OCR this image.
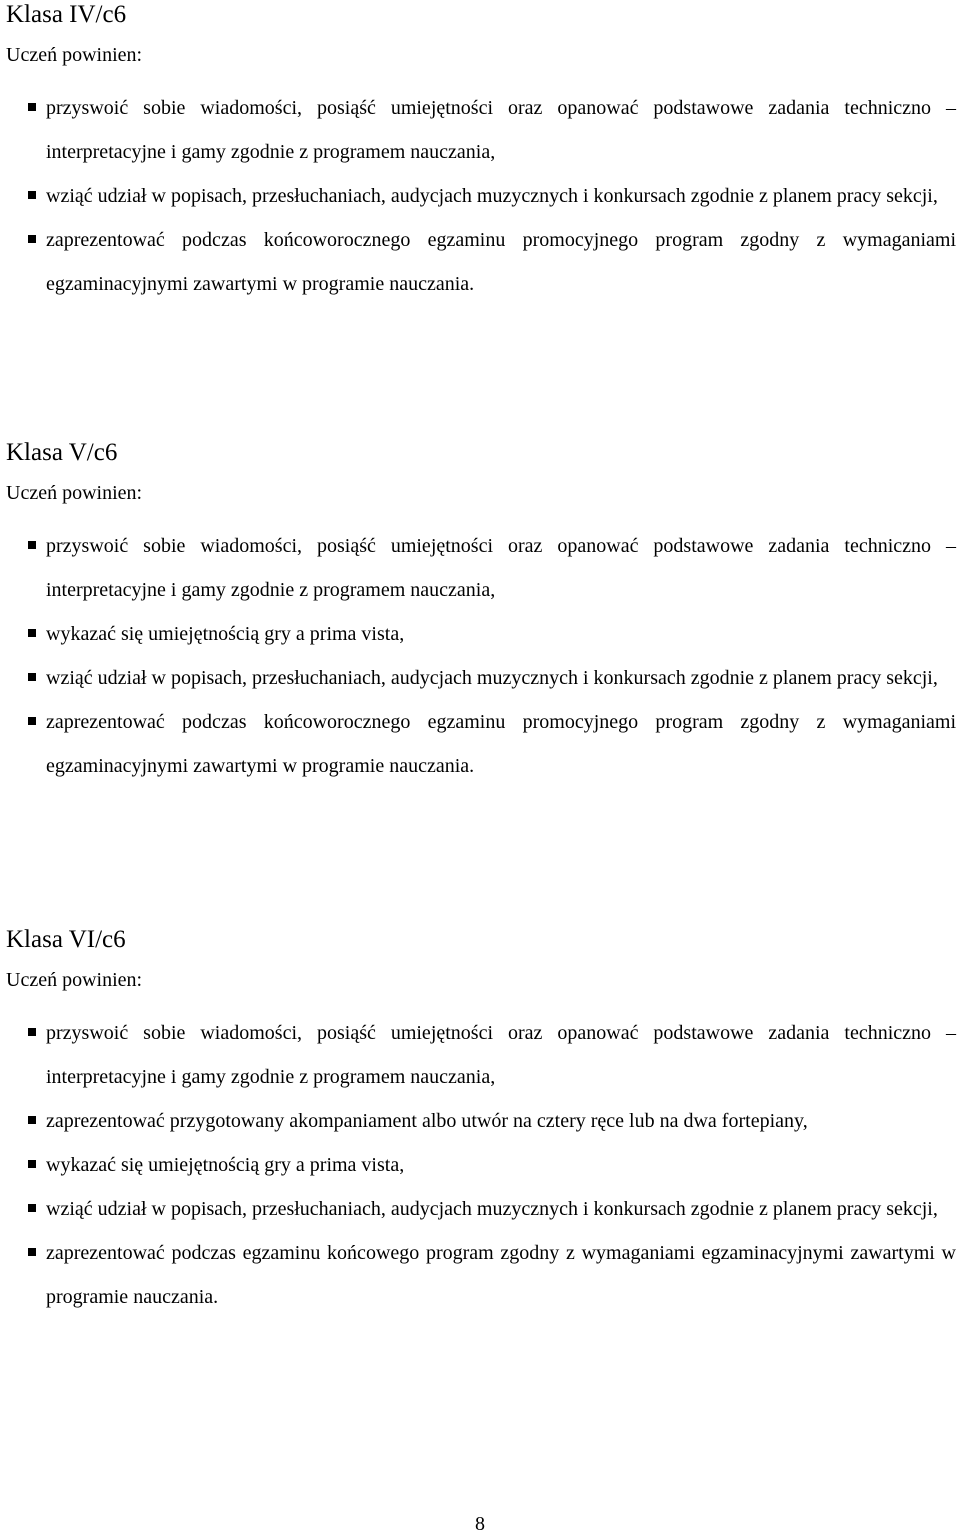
Klasa IV/c6
Uczeń powinien:
przyswoić sobie wiadomości, posiąść umiejętności oraz opanować podstawowe zadania techniczno – interpretacyjne i gamy zgodnie z programem nauczania,
wziąć udział w popisach, przesłuchaniach, audycjach muzycznych i konkursach zgodnie z planem pracy sekcji,
zaprezentować podczas końcoworocznego egzaminu promocyjnego program zgodny z wymaganiami egzaminacyjnymi zawartymi w programie nauczania.
Klasa V/c6
Uczeń powinien:
przyswoić sobie wiadomości, posiąść umiejętności oraz opanować podstawowe zadania techniczno – interpretacyjne i gamy zgodnie z programem nauczania,
wykazać się umiejętnością gry a prima vista,
wziąć udział w popisach, przesłuchaniach, audycjach muzycznych i konkursach zgodnie z planem pracy sekcji,
zaprezentować podczas końcoworocznego egzaminu promocyjnego program zgodny z wymaganiami egzaminacyjnymi zawartymi w programie nauczania.
Klasa VI/c6
Uczeń powinien:
przyswoić sobie wiadomości, posiąść umiejętności oraz opanować podstawowe zadania techniczno – interpretacyjne i gamy zgodnie z programem nauczania,
zaprezentować przygotowany akompaniament albo utwór na cztery ręce lub na dwa fortepiany,
wykazać się umiejętnością gry a prima vista,
wziąć udział w popisach, przesłuchaniach, audycjach muzycznych i konkursach zgodnie z planem pracy sekcji,
zaprezentować podczas egzaminu końcowego program zgodny z wymaganiami egzaminacyjnymi zawartymi w programie nauczania.
8
